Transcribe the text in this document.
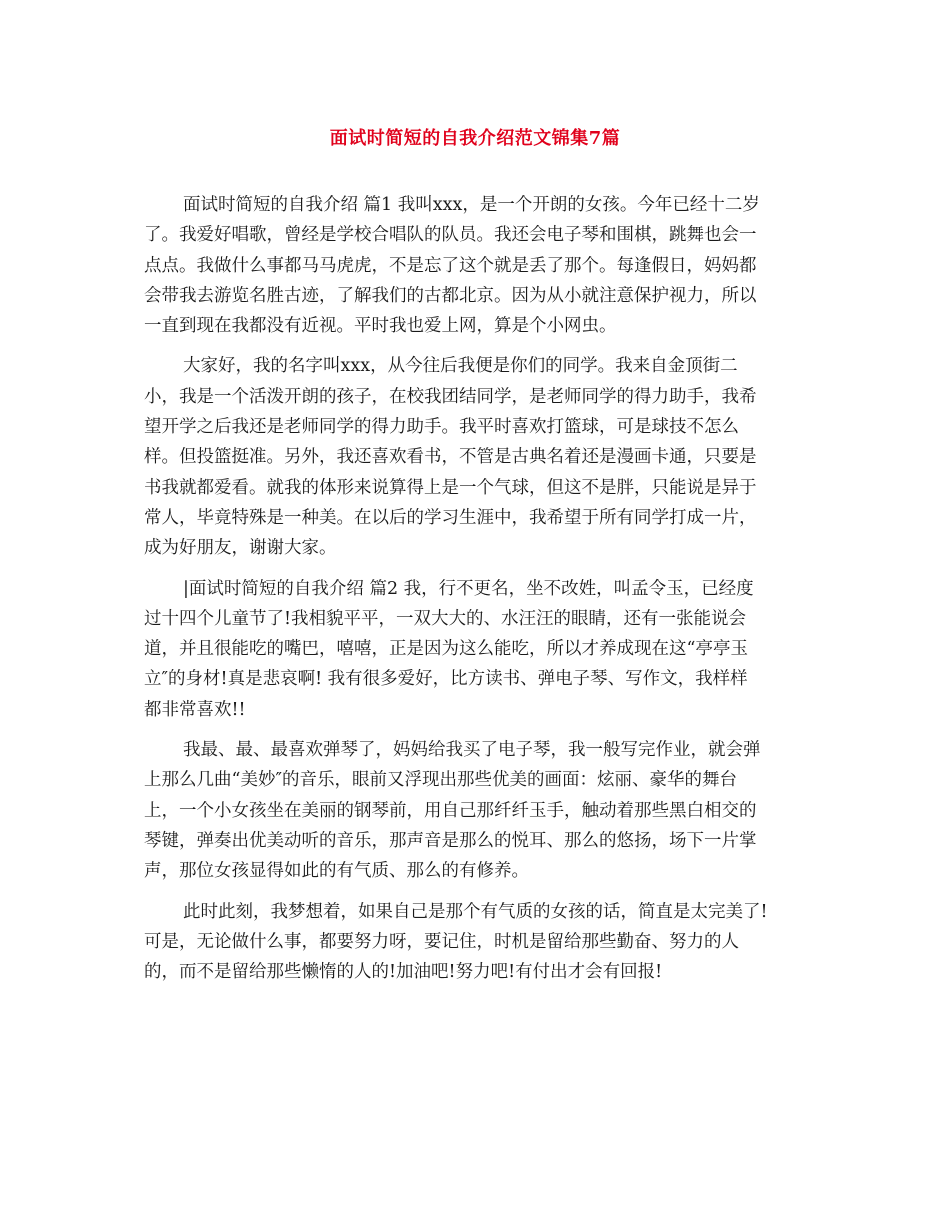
面试时简短的自我介绍范文锦集7篇

面试时简短的自我介绍 篇1 我叫xxx，是一个开朗的女孩。今年已经十二岁
了。我爱好唱歌，曾经是学校合唱队的队员。我还会电子琴和围棋，跳舞也会一
点点。我做什么事都马马虎虎，不是忘了这个就是丢了那个。每逢假日，妈妈都
会带我去游览名胜古迹，了解我们的古都北京。因为从小就注意保护视力，所以
一直到现在我都没有近视。平时我也爱上网，算是个小网虫。

大家好，我的名字叫xxx，从今往后我便是你们的同学。我来自金顶街二
小，我是一个活泼开朗的孩子，在校我团结同学，是老师同学的得力助手，我希
望开学之后我还是老师同学的得力助手。我平时喜欢打篮球，可是球技不怎么
样。但投篮挺准。另外，我还喜欢看书，不管是古典名着还是漫画卡通，只要是
书我就都爱看。就我的体形来说算得上是一个气球，但这不是胖，只能说是异于
常人，毕竟特殊是一种美。在以后的学习生涯中，我希望于所有同学打成一片，
成为好朋友，谢谢大家。

|面试时简短的自我介绍 篇2 我，行不更名，坐不改姓，叫孟令玉，已经度
过十四个儿童节了!我相貌平平，一双大大的、水汪汪的眼睛，还有一张能说会
道，并且很能吃的嘴巴，嘻嘻，正是因为这么能吃，所以才养成现在这“亭亭玉
立″的身材!真是悲哀啊! 我有很多爱好，比方读书、弹电子琴、写作文，我样样
都非常喜欢!!

我最、最、最喜欢弹琴了，妈妈给我买了电子琴，我一般写完作业，就会弹
上那么几曲“美妙″的音乐，眼前又浮现出那些优美的画面：炫丽、豪华的舞台
上，一个小女孩坐在美丽的钢琴前，用自己那纤纤玉手，触动着那些黑白相交的
琴键，弹奏出优美动听的音乐，那声音是那么的悦耳、那么的悠扬，场下一片掌
声，那位女孩显得如此的有气质、那么的有修养。

此时此刻，我梦想着，如果自己是那个有气质的女孩的话，简直是太完美了!
可是，无论做什么事，都要努力呀，要记住，时机是留给那些勤奋、努力的人
的，而不是留给那些懒惰的人的!加油吧!努力吧!有付出才会有回报!
